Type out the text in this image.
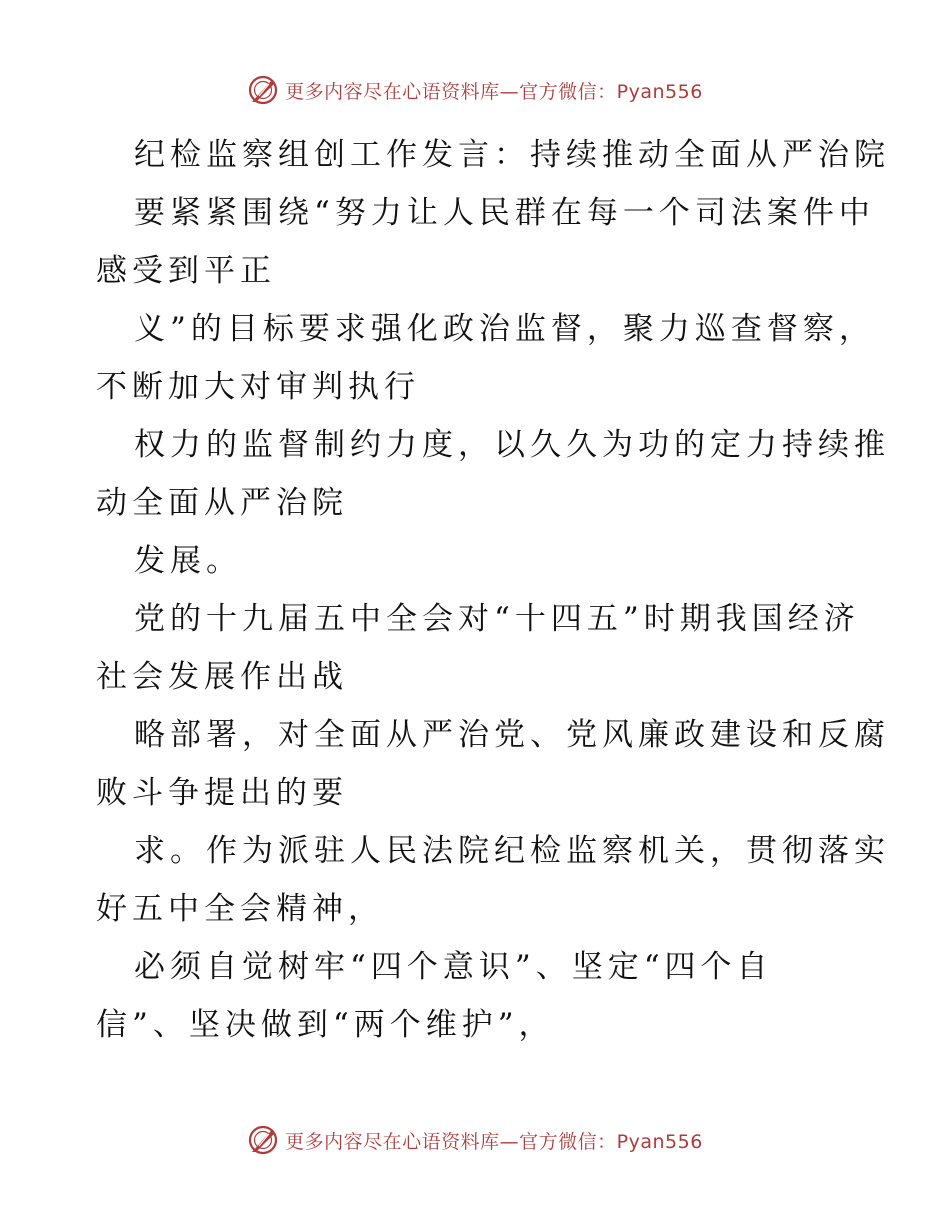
更多内容尽在心语资料库—官方微信：Pyan556
纪检监察组创工作发言：持续推动全面从严治院
要紧紧围绕“努力让人民群在每一个司法案件中
感受到平正
义”的目标要求强化政治监督，聚力巡查督察，
不断加大对审判执行
权力的监督制约力度，以久久为功的定力持续推
动全面从严治院
发展。
党的十九届五中全会对“十四五”时期我国经济
社会发展作出战
略部署，对全面从严治党、党风廉政建设和反腐
败斗争提出的要
求。作为派驻人民法院纪检监察机关，贯彻落实
好五中全会精神，
必须自觉树牢“四个意识”、坚定“四个自
信”、坚决做到“两个维护”，
更多内容尽在心语资料库—官方微信：Pyan556
